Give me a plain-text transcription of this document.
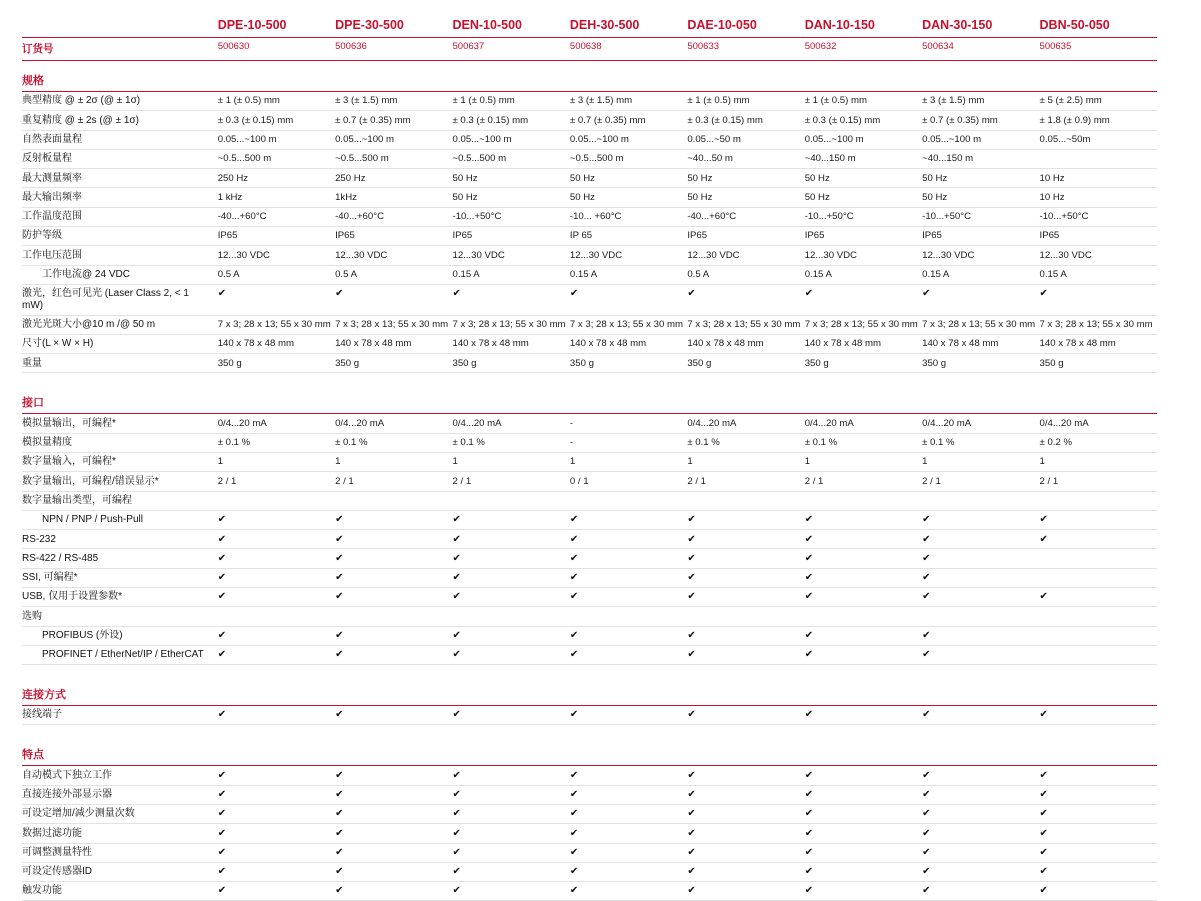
	DPE-10-500	DPE-30-500	DEN-10-500	DEH-30-500	DAE-10-050	DAN-10-150	DAN-30-150	DBN-50-050

订货号	500630	500636	500637	500638	500633	500632	500634	500635

规格								

典型精度 @ ± 2σ (@ ± 1σ)	± 1 (± 0.5) mm	± 3 (± 1.5) mm	± 1 (± 0.5) mm	± 3 (± 1.5) mm	± 1 (± 0.5) mm	± 1 (± 0.5) mm	± 3 (± 1.5) mm	± 5 (± 2.5) mm
重复精度 @ ± 2s (@ ± 1σ)	± 0.3 (± 0.15) mm	± 0.7 (± 0.35) mm	± 0.3 (± 0.15) mm	± 0.7 (± 0.35) mm	± 0.3 (± 0.15) mm	± 0.3 (± 0.15) mm	± 0.7 (± 0.35) mm	± 1.8 (± 0.9) mm
自然表面量程	0.05...~100 m	0.05...~100 m	0.05...~100 m	0.05...~100 m	0.05...~50 m	0.05...~100 m	0.05...~100 m	0.05...~50m
反射板量程	~0.5...500 m	~0.5...500 m	~0.5...500 m	~0.5...500 m	~40...50 m	~40...150 m	~40...150 m	
最大测量频率	250 Hz	250 Hz	50 Hz	50 Hz	50 Hz	50 Hz	50 Hz	10 Hz
最大输出频率	1 kHz	1kHz	50 Hz	50 Hz	50 Hz	50 Hz	50 Hz	10 Hz
工作温度范围	-40...+60°C	-40...+60°C	-10...+50°C	-10... +60°C	-40...+60°C	-10...+50°C	-10...+50°C	-10...+50°C
防护等级	IP65	IP65	IP65	IP 65	IP65	IP65	IP65	IP65
工作电压范围	12...30 VDC	12...30 VDC	12...30 VDC	12...30 VDC	12...30 VDC	12...30 VDC	12...30 VDC	12...30 VDC
工作电流@ 24 VDC	0.5 A	0.5 A	0.15 A	0.15 A	0.5 A	0.15 A	0.15 A	0.15 A
激光，红色可见光 (Laser Class 2, < 1 mW)	✔	✔	✔	✔	✔	✔	✔	✔
激光光斑大小@10 m /@ 50 m	7 x 3; 28 x 13; 55 x 30 mm	7 x 3; 28 x 13; 55 x 30 mm	7 x 3; 28 x 13; 55 x 30 mm	7 x 3; 28 x 13; 55 x 30 mm	7 x 3; 28 x 13; 55 x 30 mm	7 x 3; 28 x 13; 55 x 30 mm	7 x 3; 28 x 13; 55 x 30 mm	7 x 3; 28 x 13; 55 x 30 mm
尺寸(L × W × H)	140 x 78 x 48 mm	140 x 78 x 48 mm	140 x 78 x 48 mm	140 x 78 x 48 mm	140 x 78 x 48 mm	140 x 78 x 48 mm	140 x 78 x 48 mm	140 x 78 x 48 mm
重量	350 g	350 g	350 g	350 g	350 g	350 g	350 g	350 g

接口								

模拟量输出，可编程*	0/4...20 mA	0/4...20 mA	0/4...20 mA	-	0/4...20 mA	0/4...20 mA	0/4...20 mA	0/4...20 mA
模拟量精度	± 0.1 %	± 0.1 %	± 0.1 %	-	± 0.1 %	± 0.1 %	± 0.1 %	± 0.2 %
数字量输入，可编程*	1	1	1	1	1	1	1	1
数字量输出，可编程/错误显示*	2 / 1	2 / 1	2 / 1	0 / 1	2 / 1	2 / 1	2 / 1	2 / 1
数字量输出类型，可编程								
NPN / PNP / Push-Pull	✔	✔	✔	✔	✔	✔	✔	✔
RS-232	✔	✔	✔	✔	✔	✔	✔	✔
RS-422 / RS-485	✔	✔	✔	✔	✔	✔	✔	
SSI, 可编程*	✔	✔	✔	✔	✔	✔	✔	
USB, 仅用于设置参数*	✔	✔	✔	✔	✔	✔	✔	✔
选购								
PROFIBUS (外设)	✔	✔	✔	✔	✔	✔	✔	
PROFINET / EtherNet/IP / EtherCAT	✔	✔	✔	✔	✔	✔	✔	

连接方式								

接线端子	✔	✔	✔	✔	✔	✔	✔	✔

特点								

自动模式下独立工作	✔	✔	✔	✔	✔	✔	✔	✔
直接连接外部显示器	✔	✔	✔	✔	✔	✔	✔	✔
可设定增加/减少测量次数	✔	✔	✔	✔	✔	✔	✔	✔
数据过滤功能	✔	✔	✔	✔	✔	✔	✔	✔
可调整测量特性	✔	✔	✔	✔	✔	✔	✔	✔
可设定传感器ID	✔	✔	✔	✔	✔	✔	✔	✔
触发功能	✔	✔	✔	✔	✔	✔	✔	✔
